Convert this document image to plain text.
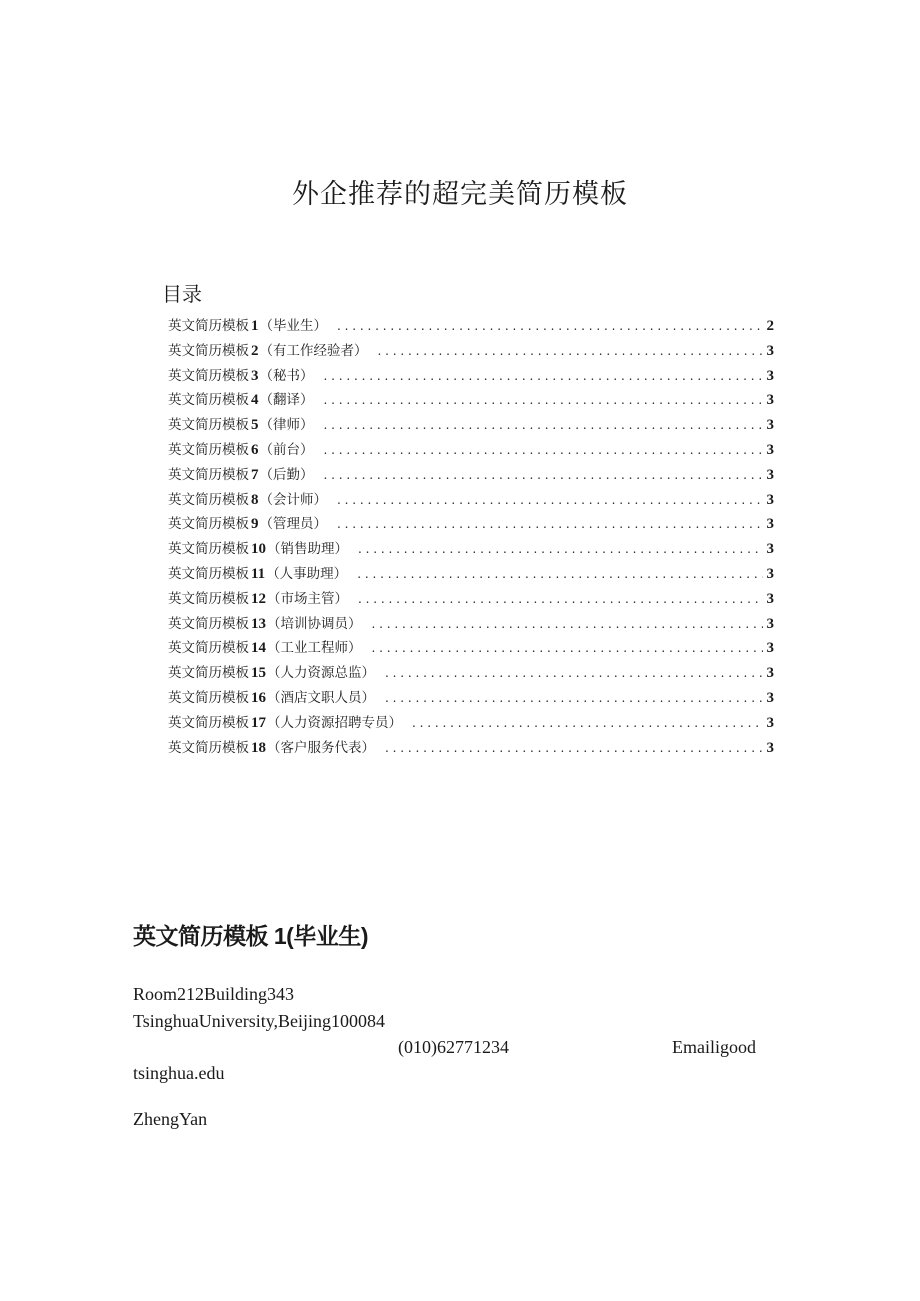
外企推荐的超完美简历模板
目录
英文简历模板 1 （毕业生） . . .	2
英文简历模板 2 （有工作经验者） . . .	3
英文简历模板 3 （秘书） . . .	3
英文简历模板 4 （翻译） . . .	3
英文简历模板 5 （律师） . . .	3
英文简历模板 6 （前台） . . .	3
英文简历模板 7 （后勤） . . .	3
英文简历模板 8 （会计师） . . .	3
英文简历模板 9 （管理员） . . .	3
英文简历模板 10 （销售助理） . . .	3
英文简历模板 11 （人事助理） . . .	3
英文简历模板 12 （市场主管） . . .	3
英文简历模板 13 （培训协调员） . . .	3
英文简历模板 14 （工业工程师） . . .	3
英文简历模板 15 （人力资源总监） . . .	3
英文简历模板 16 （酒店文职人员） . . .	3
英文简历模板 17 （人力资源招聘专员） . . .	3
英文简历模板 18 （客户服务代表） . . .	3
英文简历模板 1(毕业生)

Room212Building343

TsinghuaUniversity,Beijing100084

(010)62771234	Emailigood

tsinghua.edu

ZhengYan
